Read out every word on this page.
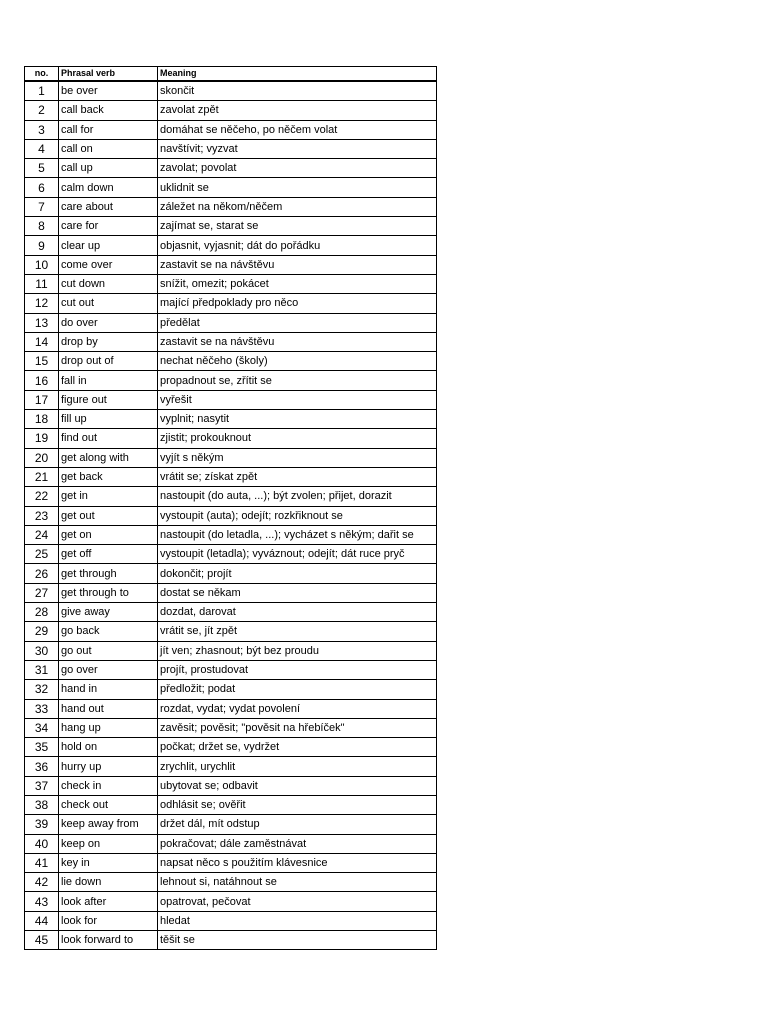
no.	Phrasal verb	Meaning
1	be over	skončit
2	call back	zavolat zpět
3	call for	domáhat se něčeho, po něčem volat
4	call on	navštívit; vyzvat
5	call up	zavolat; povolat
6	calm down	uklidnit se
7	care about	záležet na někom/něčem
8	care for	zajímat se, starat se
9	clear up	objasnit, vyjasnit; dát do pořádku
10	come over	zastavit se na návštěvu
11	cut down	snížit, omezit; pokácet
12	cut out	mající předpoklady pro něco
13	do over	předělat
14	drop by	zastavit se na návštěvu
15	drop out of	nechat něčeho (školy)
16	fall in	propadnout se, zřítit se
17	figure out	vyřešit
18	fill up	vyplnit; nasytit
19	find out	zjistit; prokouknout
20	get along with	vyjít s někým
21	get back	vrátit se; získat zpět
22	get in	nastoupit (do auta, ...); být zvolen; přijet, dorazit
23	get out	vystoupit (auta); odejít; rozkřiknout se
24	get on	nastoupit (do letadla, ...); vycházet s někým; dařit se
25	get off	vystoupit (letadla); vyváznout; odejít; dát ruce pryč
26	get through	dokončit; projít
27	get through to	dostat se někam
28	give away	dozdat, darovat
29	go back	vrátit se, jít zpět
30	go out	jít ven; zhasnout; být bez proudu
31	go over	projít, prostudovat
32	hand in	předložit; podat
33	hand out	rozdat, vydat; vydat povolení
34	hang up	zavěsit; pověsit; "pověsit na hřebíček"
35	hold on	počkat; držet se, vydržet
36	hurry up	zrychlit, urychlit
37	check in	ubytovat se; odbavit
38	check out	odhlásit se; ověřit
39	keep away from	držet dál, mít odstup
40	keep on	pokračovat; dále zaměstnávat
41	key in	napsat něco s použitím klávesnice
42	lie down	lehnout si, natáhnout se
43	look after	opatrovat, pečovat
44	look for	hledat
45	look forward to	těšit se
